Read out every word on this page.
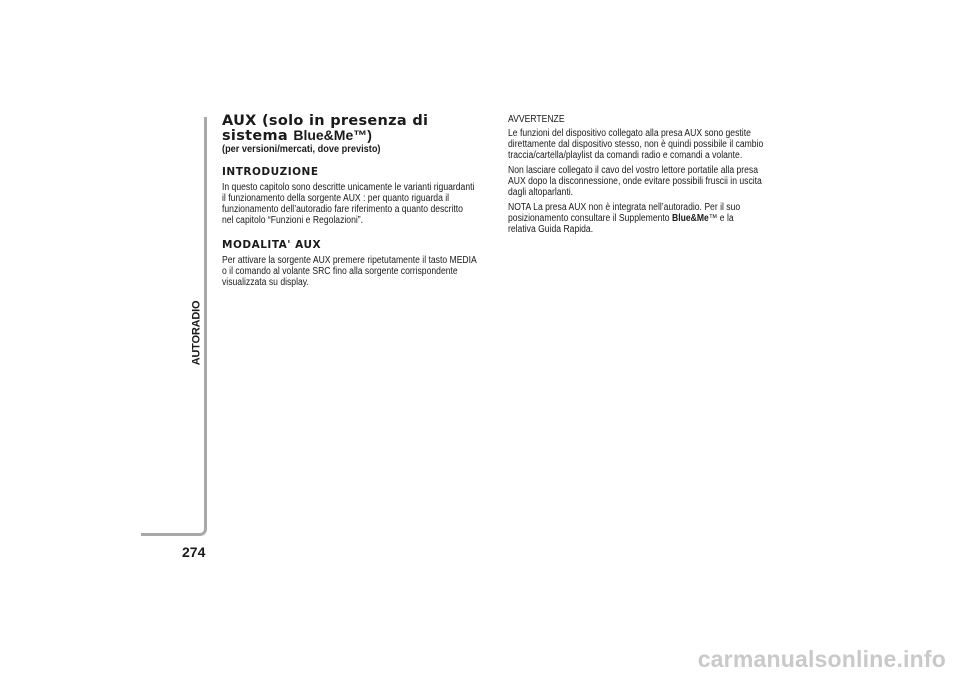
AUTORADIO
274
AUX (solo in presenza di
sistema Blue&Me™)
(per versioni/mercati, dove previsto)
INTRODUZIONE

In questo capitolo sono descritte unicamente le varianti riguardanti
il funzionamento della sorgente AUX : per quanto riguarda il
funzionamento dell’autoradio fare riferimento a quanto descritto
nel capitolo “Funzioni e Regolazioni”.

MODALITA' AUX

Per attivare la sorgente AUX premere ripetutamente il tasto MEDIA
o il comando al volante SRC fino alla sorgente corrispondente
visualizzata su display.

AVVERTENZE

Le funzioni del dispositivo collegato alla presa AUX sono gestite
direttamente dal dispositivo stesso, non è quindi possibile il cambio
traccia/cartella/playlist da comandi radio e comandi a volante.

Non lasciare collegato il cavo del vostro lettore portatile alla presa
AUX dopo la disconnessione, onde evitare possibili fruscii in uscita
dagli altoparlanti.

NOTA La presa AUX non è integrata nell’autoradio. Per il suo
posizionamento consultare il Supplemento Blue&Me™ e la
relativa Guida Rapida.

carmanualsonline.info
